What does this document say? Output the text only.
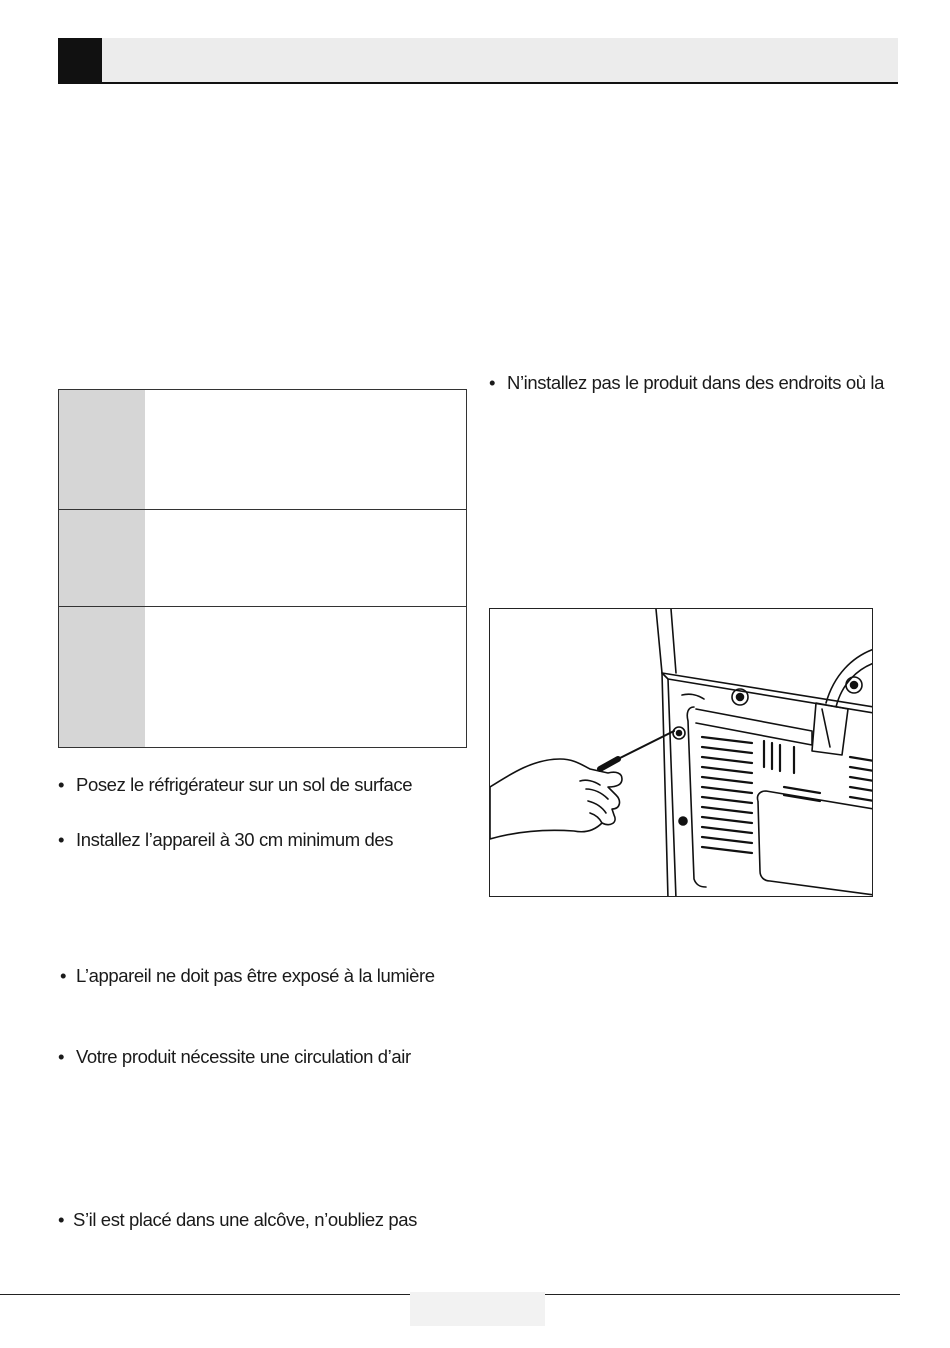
• Posez le réfrigérateur sur un sol de surface
• Installez l’appareil à 30 cm minimum des
• L’appareil ne doit pas être exposé à la lumière
• Votre produit nécessite une circulation d’air
• S’il est placé dans une alcôve, n’oubliez pas
• N’installez pas le produit dans des endroits où la
